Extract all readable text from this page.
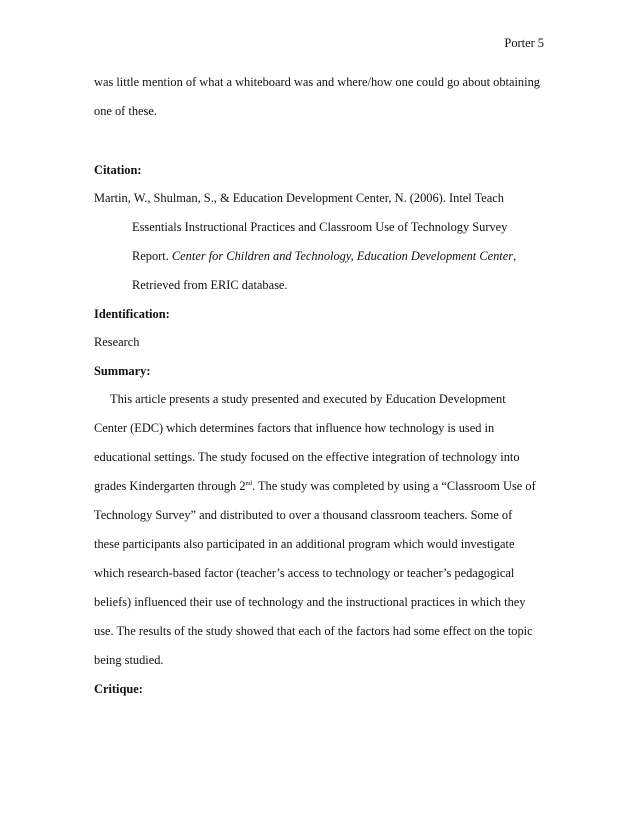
Porter 5
was little mention of what a whiteboard was and where/how one could go about obtaining
one of these.
Citation:
Martin, W., Shulman, S., & Education Development Center, N. (2006). Intel Teach
Essentials Instructional Practices and Classroom Use of Technology Survey
Report. Center for Children and Technology, Education Development Center,
Retrieved from ERIC database.
Identification:
Research
Summary:
This article presents a study presented and executed by Education Development
Center (EDC) which determines factors that influence how technology is used in
educational settings. The study focused on the effective integration of technology into
grades Kindergarten through 2nd. The study was completed by using a “Classroom Use of
Technology Survey” and distributed to over a thousand classroom teachers. Some of
these participants also participated in an additional program which would investigate
which research-based factor (teacher’s access to technology or teacher’s pedagogical
beliefs) influenced their use of technology and the instructional practices in which they
use. The results of the study showed that each of the factors had some effect on the topic
being studied.
Critique:
